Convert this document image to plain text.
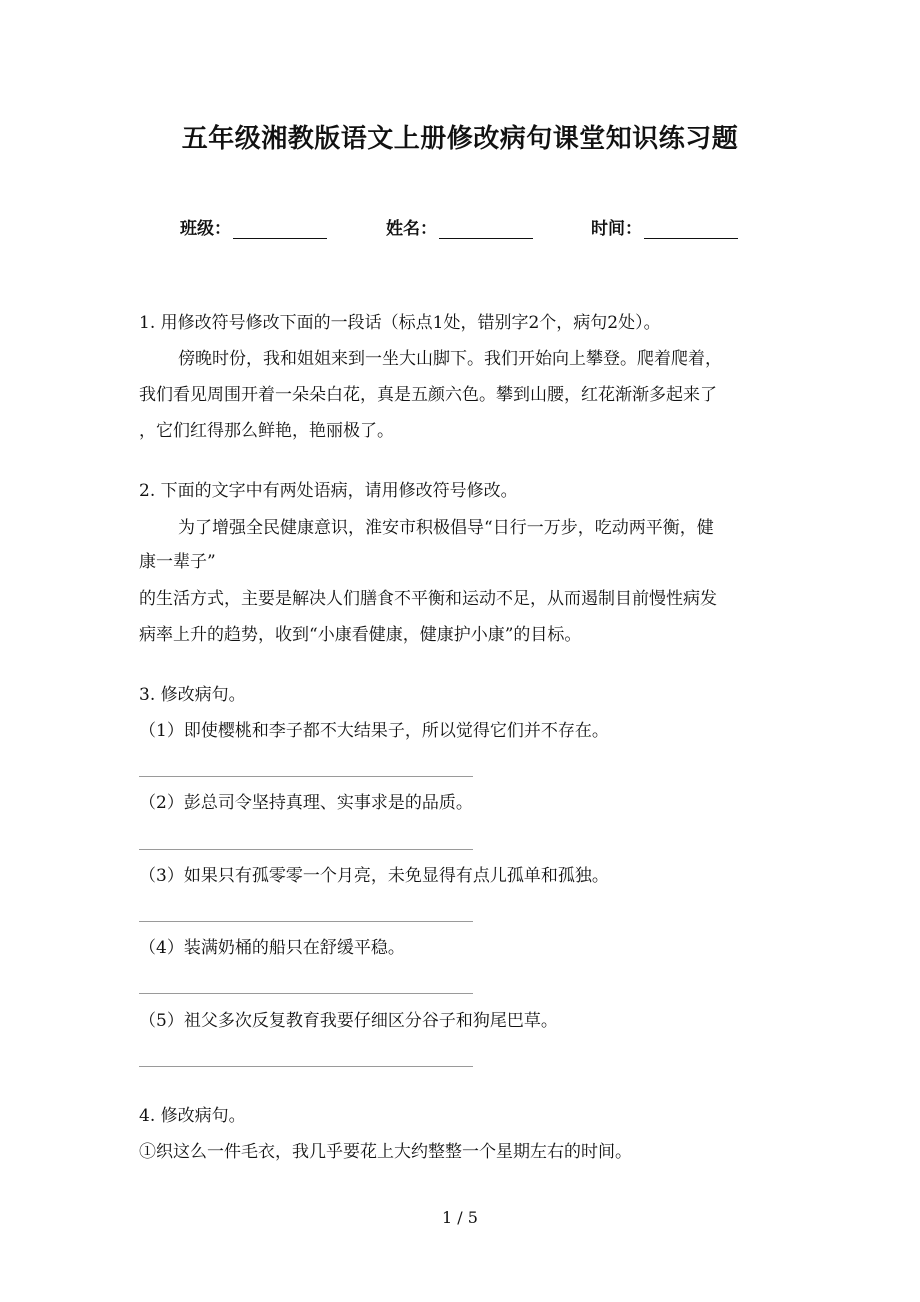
五年级湘教版语文上册修改病句课堂知识练习题
班级：	姓名：	时间：
1. 用修改符号修改下面的一段话（标点1处，错别字2个，病句2处）。
傍晚时份，我和姐姐来到一坐大山脚下。我们开始向上攀登。爬着爬着，
我们看见周围开着一朵朵白花，真是五颜六色。攀到山腰，红花渐渐多起来了
，它们红得那么鲜艳，艳丽极了。
2. 下面的文字中有两处语病，请用修改符号修改。
为了增强全民健康意识，淮安市积极倡导“日行一万步，吃动两平衡，健
康一辈子”
的生活方式，主要是解决人们膳食不平衡和运动不足，从而遏制目前慢性病发
病率上升的趋势，收到“小康看健康，健康护小康”的目标。
3. 修改病句。
（1）即使樱桃和李子都不大结果子，所以觉得它们并不存在。
（2）彭总司令坚持真理、实事求是的品质。
（3）如果只有孤零零一个月亮，未免显得有点儿孤单和孤独。
（4）装满奶桶的船只在舒缓平稳。
（5）祖父多次反复教育我要仔细区分谷子和狗尾巴草。
4. 修改病句。
①织这么一件毛衣，我几乎要花上大约整整一个星期左右的时间。
1 / 5
